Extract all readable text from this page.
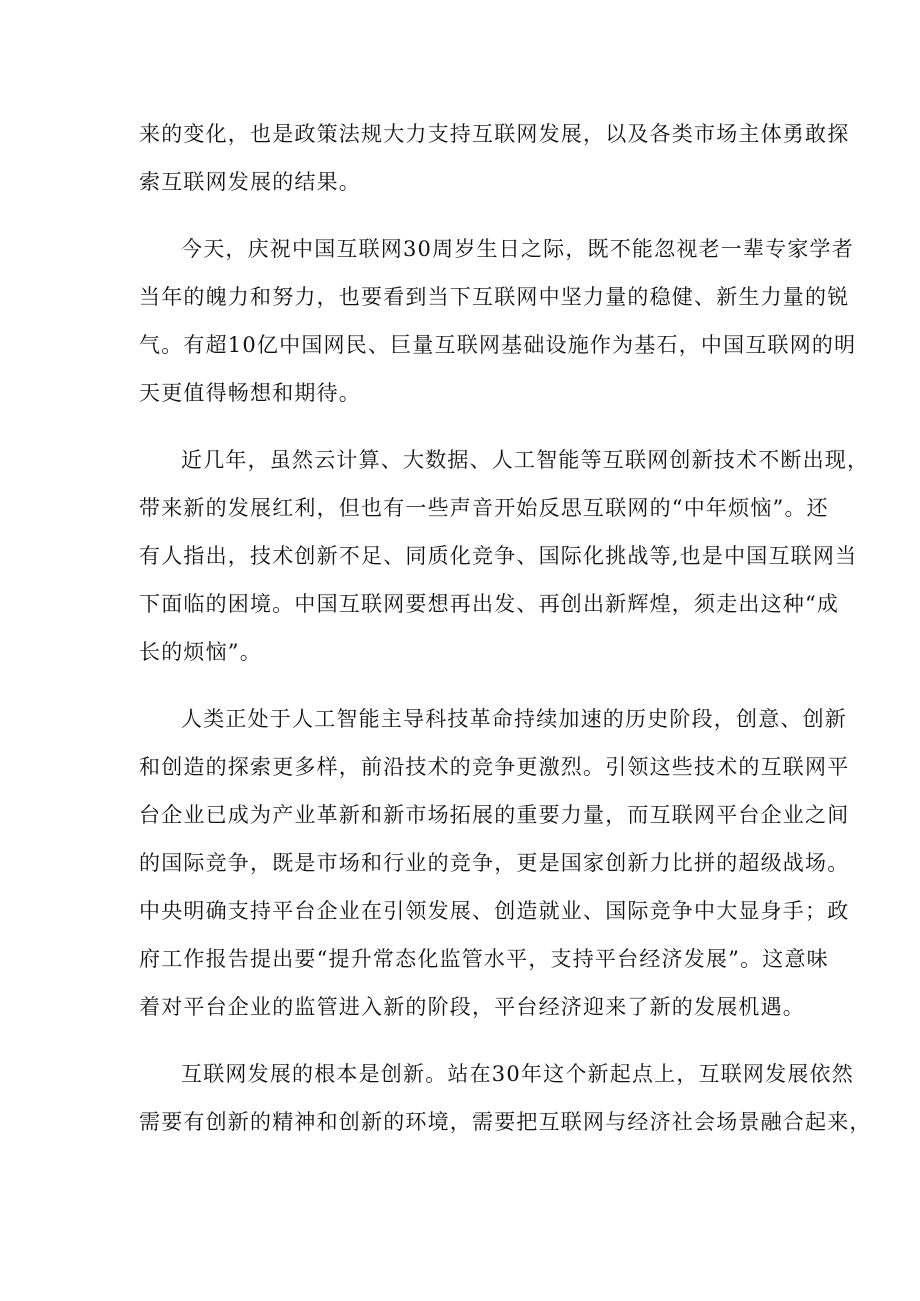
来的变化，也是政策法规大力支持互联网发展，以及各类市场主体勇敢探
索互联网发展的结果。
今天，庆祝中国互联网30周岁生日之际，既不能忽视老一辈专家学者
当年的魄力和努力，也要看到当下互联网中坚力量的稳健、新生力量的锐
气。有超10亿中国网民、巨量互联网基础设施作为基石，中国互联网的明
天更值得畅想和期待。
近几年，虽然云计算、大数据、人工智能等互联网创新技术不断出现，
带来新的发展红利，但也有一些声音开始反思互联网的“中年烦恼”。还
有人指出，技术创新不足、同质化竞争、国际化挑战等,也是中国互联网当
下面临的困境。中国互联网要想再出发、再创出新辉煌，须走出这种“成
长的烦恼”。
人类正处于人工智能主导科技革命持续加速的历史阶段，创意、创新
和创造的探索更多样，前沿技术的竞争更激烈。引领这些技术的互联网平
台企业已成为产业革新和新市场拓展的重要力量，而互联网平台企业之间
的国际竞争，既是市场和行业的竞争，更是国家创新力比拼的超级战场。
中央明确支持平台企业在引领发展、创造就业、国际竞争中大显身手；政
府工作报告提出要“提升常态化监管水平，支持平台经济发展”。这意味
着对平台企业的监管进入新的阶段，平台经济迎来了新的发展机遇。
互联网发展的根本是创新。站在30年这个新起点上，互联网发展依然
需要有创新的精神和创新的环境，需要把互联网与经济社会场景融合起来，
